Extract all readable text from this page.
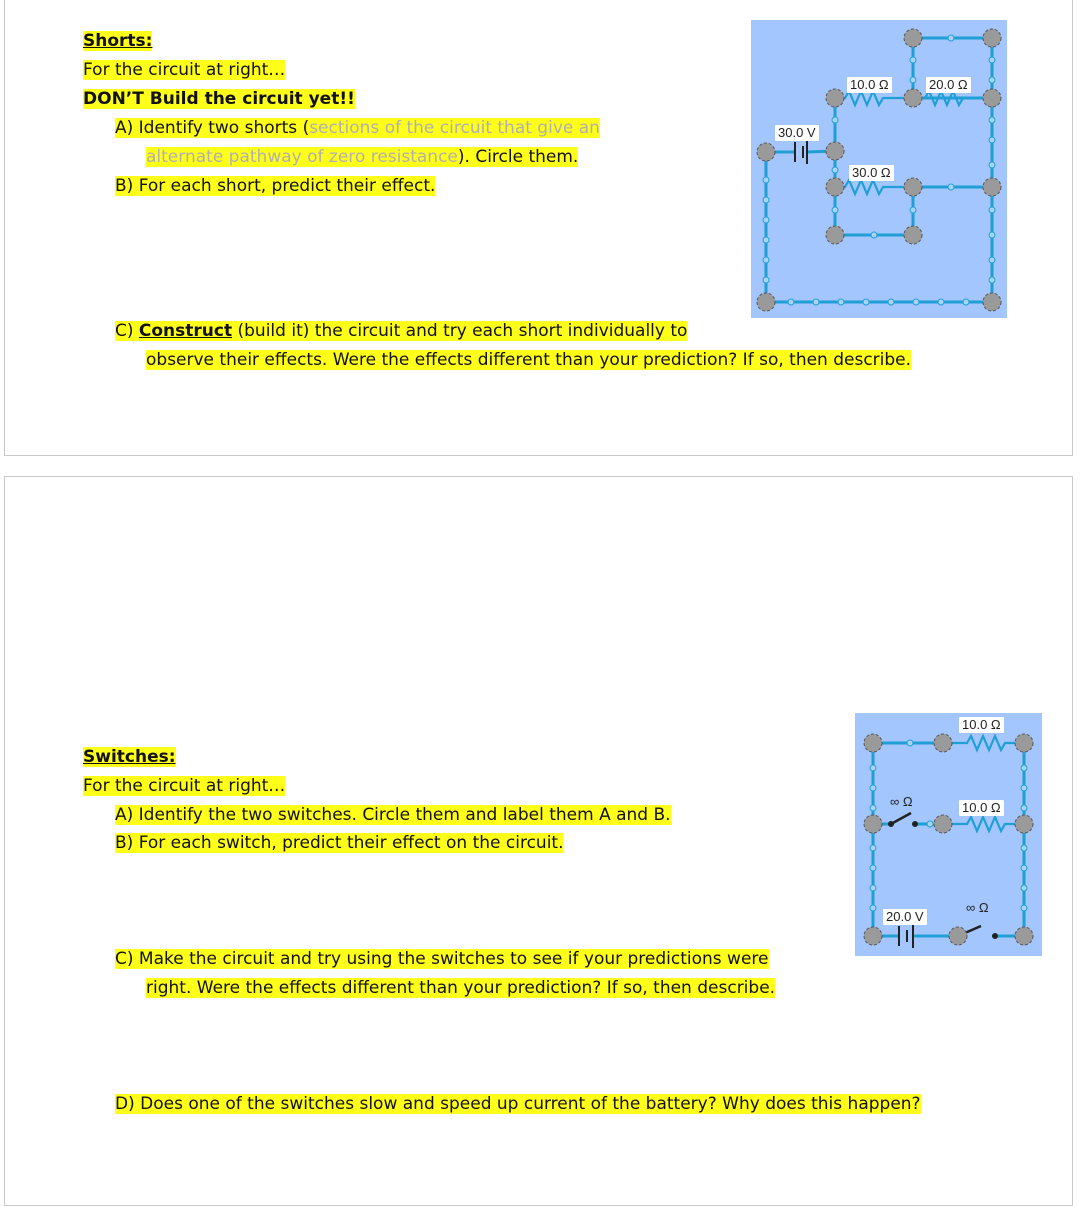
Shorts:
For the circuit at right…
DON’T Build the circuit yet!!
A) Identify two shorts (sections of the circuit that give an
alternate pathway of zero resistance). Circle them.
B) For each short, predict their effect.
C) Construct (build it) the circuit and try each short individually to
observe their effects. Were the effects different than your prediction? If so, then describe.
30.0 V
10.0 Ω	20.0 Ω
30.0 Ω
Switches:
For the circuit at right…
A) Identify the two switches. Circle them and label them A and B.
B) For each switch, predict their effect on the circuit.
C) Make the circuit and try using the switches to see if your predictions were
right. Were the effects different than your prediction? If so, then describe.
D) Does one of the switches slow and speed up current of the battery? Why does this happen?
10.0 Ω
10.0 Ω
∞ Ω
∞ Ω
20.0 V
